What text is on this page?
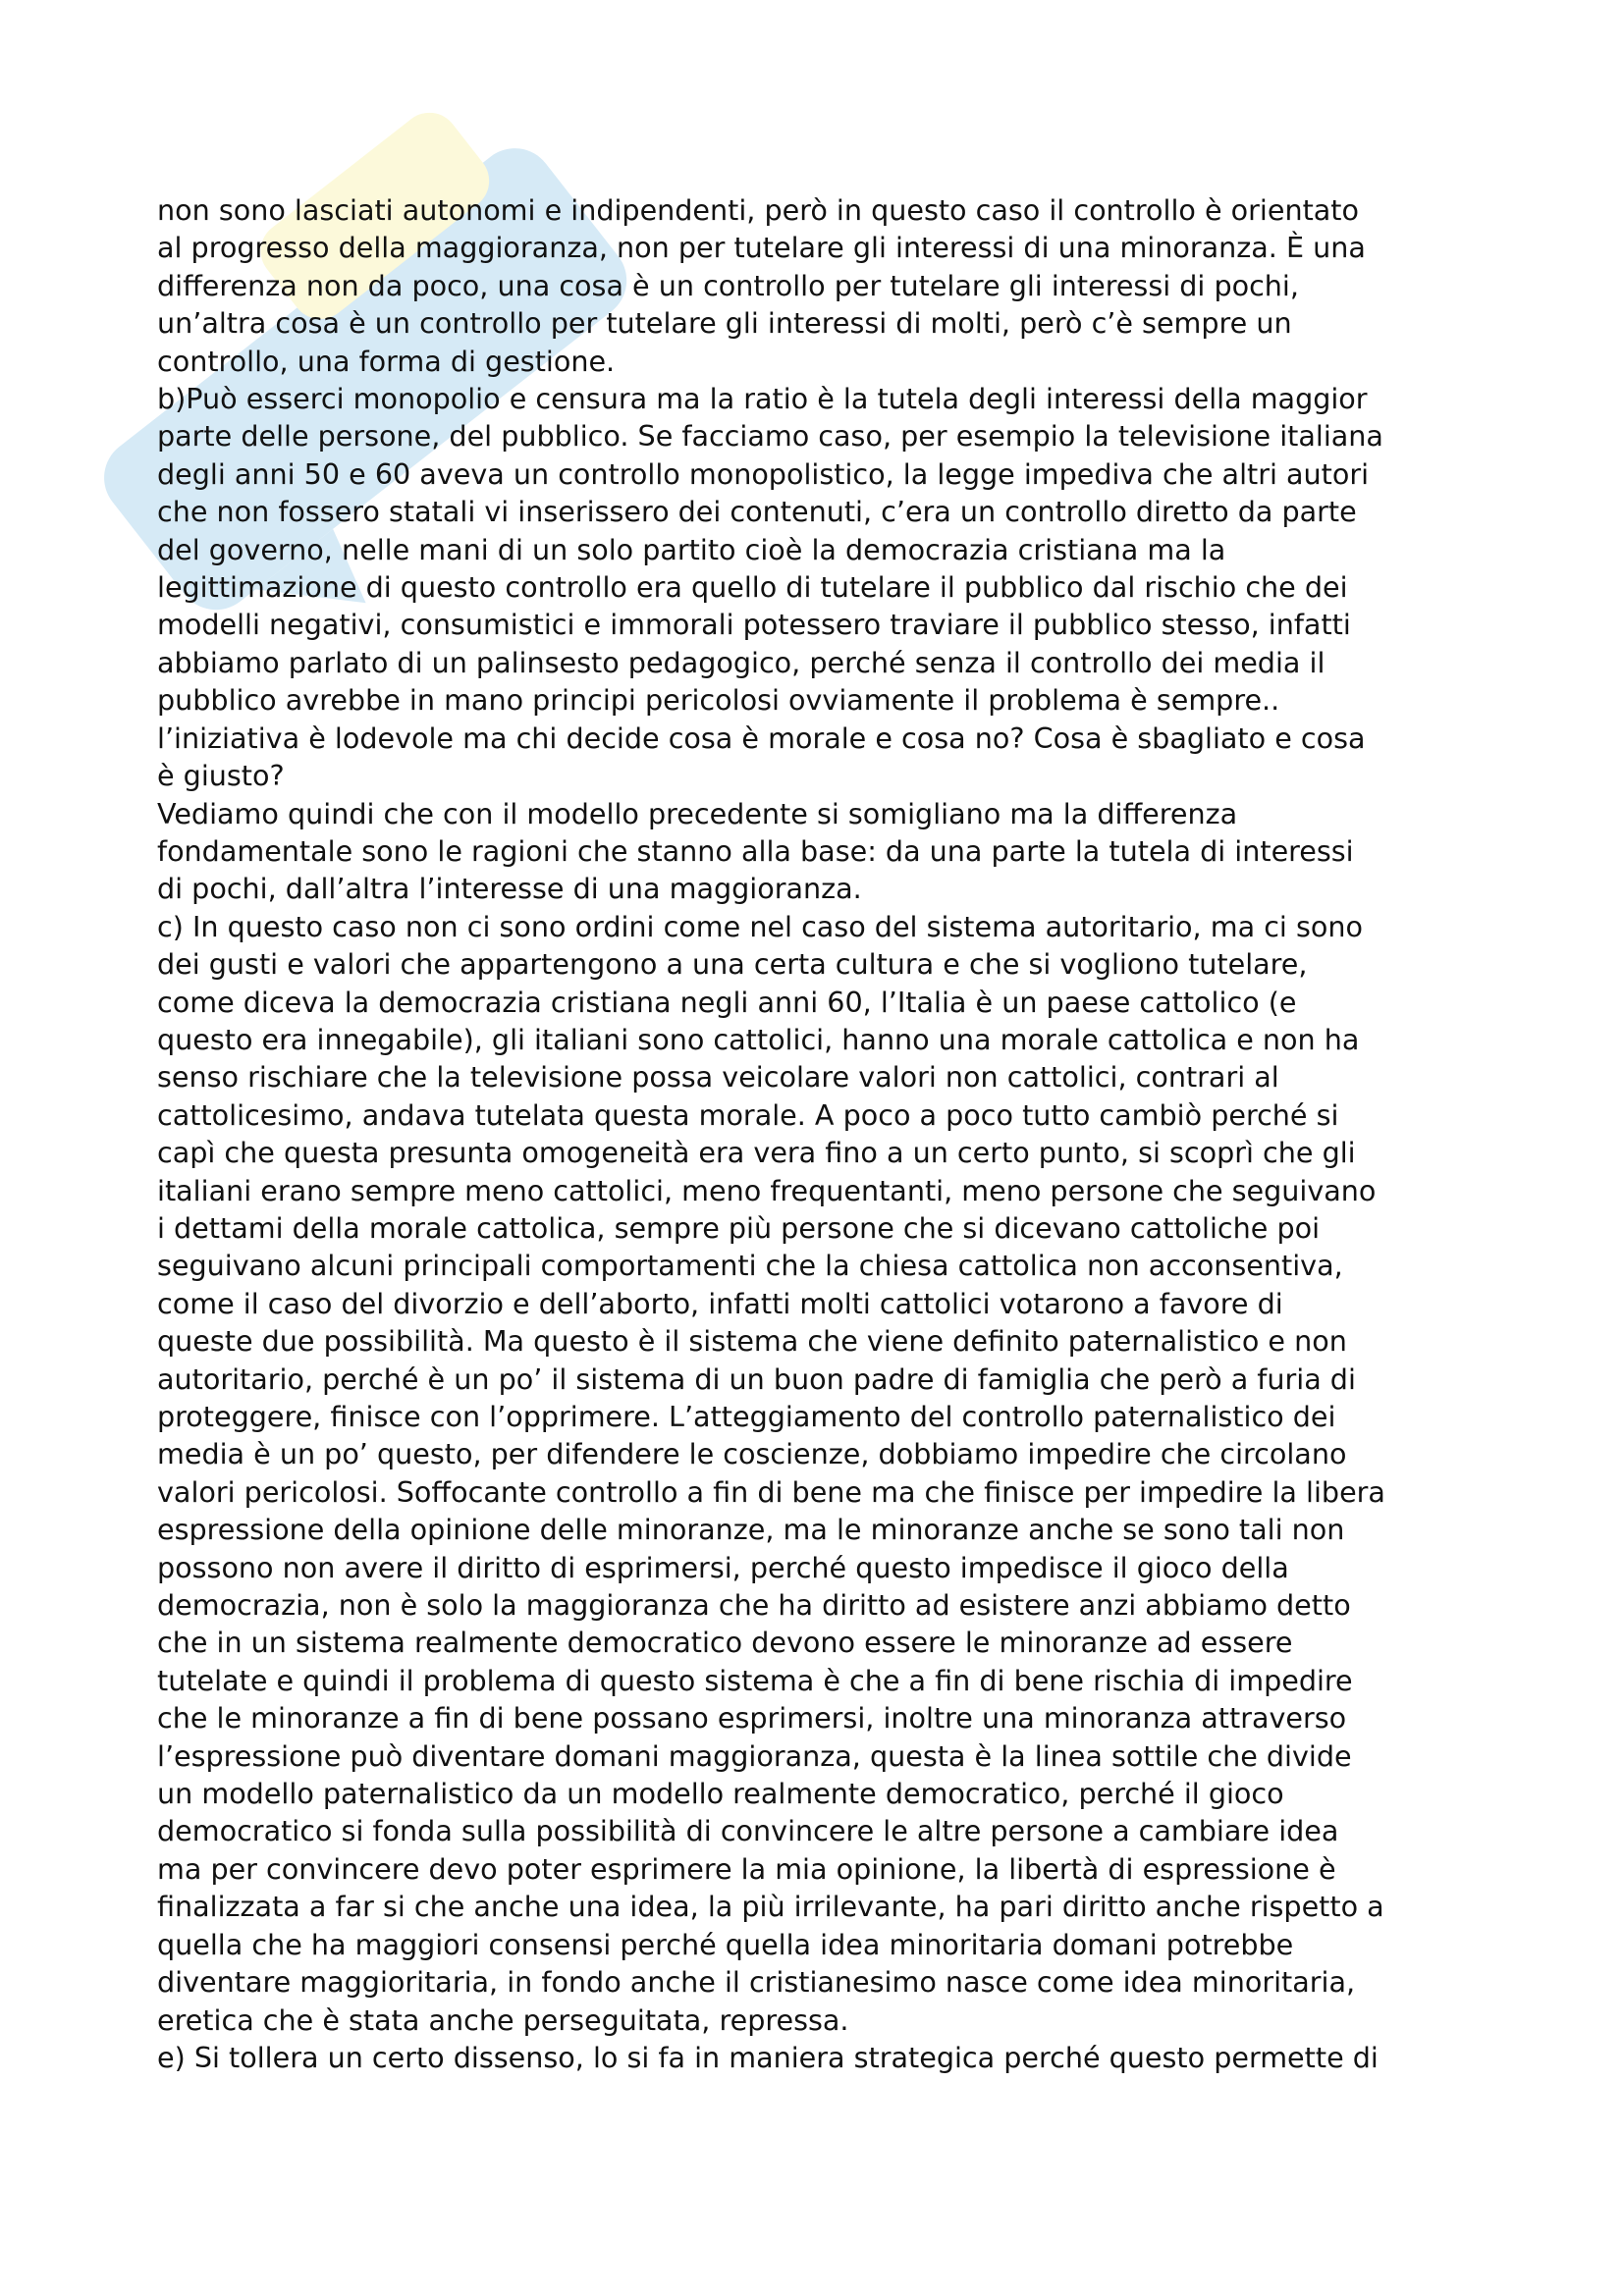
non sono lasciati autonomi e indipendenti, però in questo caso il controllo è orientato

al progresso della maggioranza, non per tutelare gli interessi di una minoranza. È una

differenza non da poco, una cosa è un controllo per tutelare gli interessi di pochi,

un’altra cosa è un controllo per tutelare gli interessi di molti, però c’è sempre un

controllo, una forma di gestione.

b)Può esserci monopolio e censura ma la ratio è la tutela degli interessi della maggior

parte delle persone, del pubblico. Se facciamo caso, per esempio la televisione italiana

degli anni 50 e 60 aveva un controllo monopolistico, la legge impediva che altri autori

che non fossero statali vi inserissero dei contenuti, c’era un controllo diretto da parte

del governo, nelle mani di un solo partito cioè la democrazia cristiana ma la

legittimazione di questo controllo era quello di tutelare il pubblico dal rischio che dei

modelli negativi, consumistici e immorali potessero traviare il pubblico stesso, infatti

abbiamo parlato di un palinsesto pedagogico, perché senza il controllo dei media il

pubblico avrebbe in mano principi pericolosi ovviamente il problema è sempre..

l’iniziativa è lodevole ma chi decide cosa è morale e cosa no? Cosa è sbagliato e cosa

è giusto?

Vediamo quindi che con il modello precedente si somigliano ma la differenza

fondamentale sono le ragioni che stanno alla base: da una parte la tutela di interessi

di pochi, dall’altra l’interesse di una maggioranza.

c) In questo caso non ci sono ordini come nel caso del sistema autoritario, ma ci sono

dei gusti e valori che appartengono a una certa cultura e che si vogliono tutelare,

come diceva la democrazia cristiana negli anni 60, l’Italia è un paese cattolico (e

questo era innegabile), gli italiani sono cattolici, hanno una morale cattolica e non ha

senso rischiare che la televisione possa veicolare valori non cattolici, contrari al

cattolicesimo, andava tutelata questa morale. A poco a poco tutto cambiò perché si

capì che questa presunta omogeneità era vera fino a un certo punto, si scoprì che gli

italiani erano sempre meno cattolici, meno frequentanti, meno persone che seguivano

i dettami della morale cattolica, sempre più persone che si dicevano cattoliche poi

seguivano alcuni principali comportamenti che la chiesa cattolica non acconsentiva,

come il caso del divorzio e dell’aborto, infatti molti cattolici votarono a favore di

queste due possibilità. Ma questo è il sistema che viene definito paternalistico e non

autoritario, perché è un po’ il sistema di un buon padre di famiglia che però a furia di

proteggere, finisce con l’opprimere. L’atteggiamento del controllo paternalistico dei

media è un po’ questo, per difendere le coscienze, dobbiamo impedire che circolano

valori pericolosi. Soffocante controllo a fin di bene ma che finisce per impedire la libera

espressione della opinione delle minoranze, ma le minoranze anche se sono tali non

possono non avere il diritto di esprimersi, perché questo impedisce il gioco della

democrazia, non è solo la maggioranza che ha diritto ad esistere anzi abbiamo detto

che in un sistema realmente democratico devono essere le minoranze ad essere

tutelate e quindi il problema di questo sistema è che a fin di bene rischia di impedire

che le minoranze a fin di bene possano esprimersi, inoltre una minoranza attraverso

l’espressione può diventare domani maggioranza, questa è la linea sottile che divide

un modello paternalistico da un modello realmente democratico, perché il gioco

democratico si fonda sulla possibilità di convincere le altre persone a cambiare idea

ma per convincere devo poter esprimere la mia opinione, la libertà di espressione è

finalizzata a far si che anche una idea, la più irrilevante, ha pari diritto anche rispetto a

quella che ha maggiori consensi perché quella idea minoritaria domani potrebbe

diventare maggioritaria, in fondo anche il cristianesimo nasce come idea minoritaria,

eretica che è stata anche perseguitata, repressa.

e) Si tollera un certo dissenso, lo si fa in maniera strategica perché questo permette di
